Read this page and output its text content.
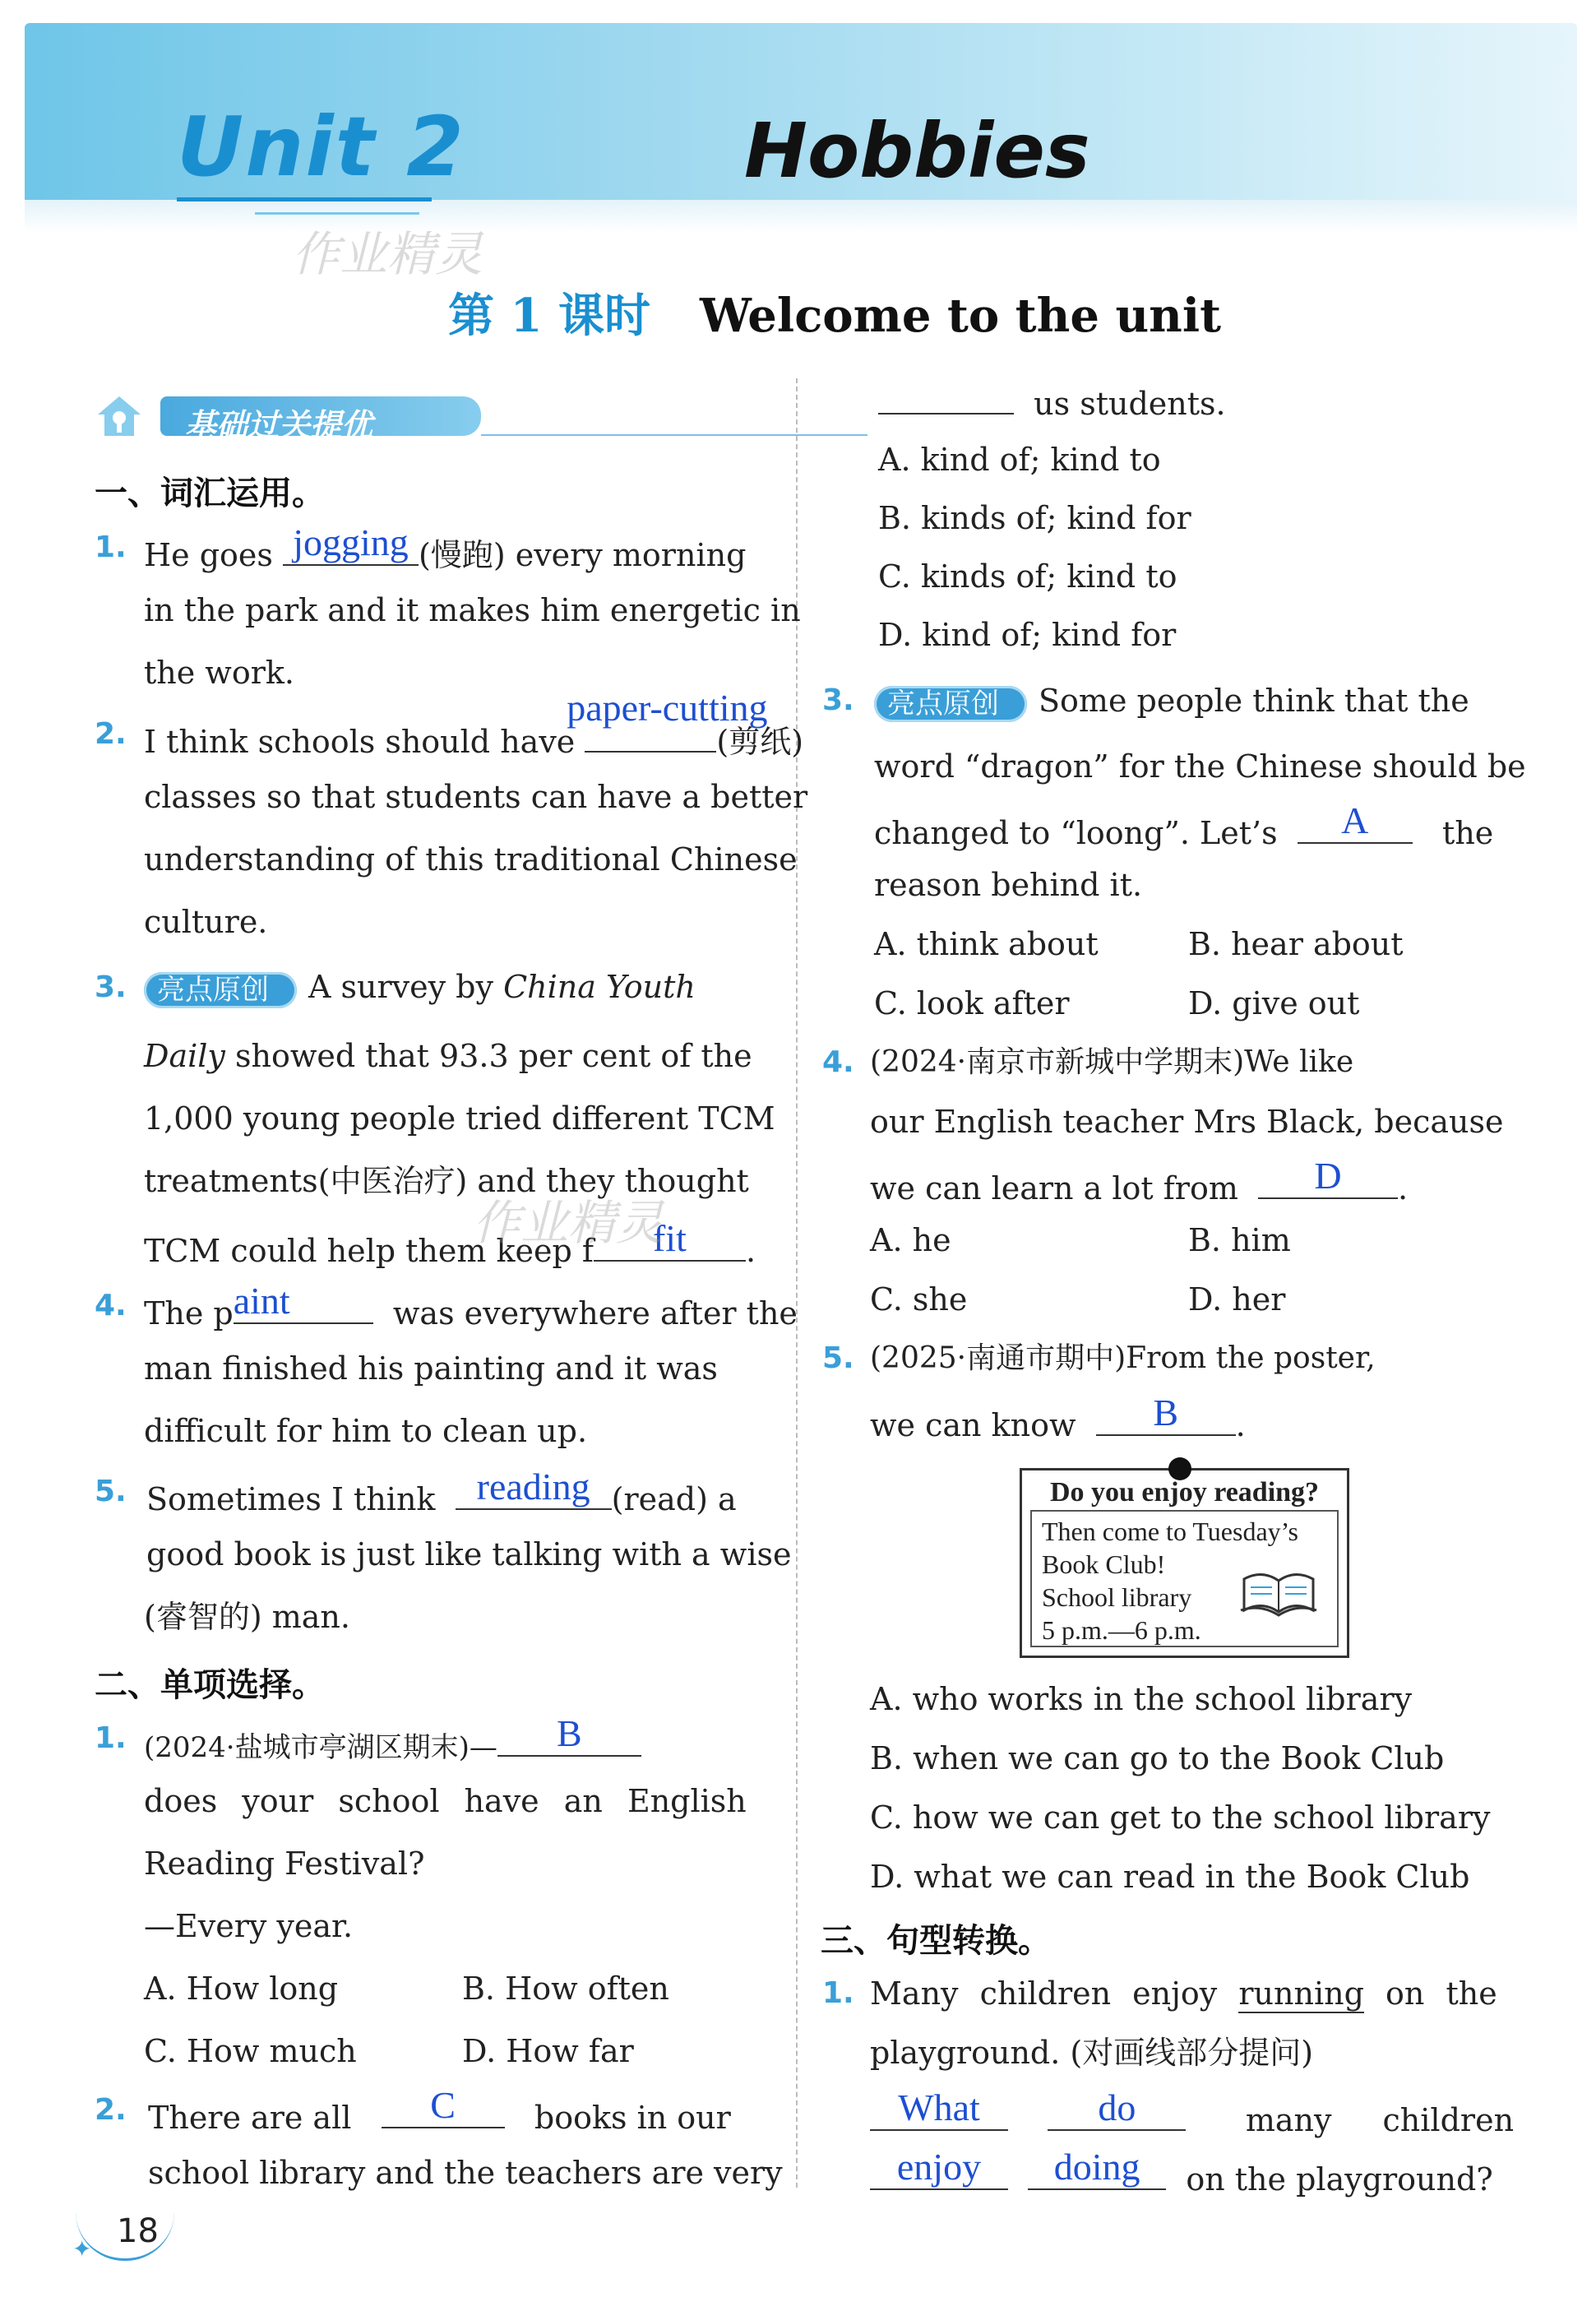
Unit 2	Hobbies
作业精灵
第 1 课时 Welcome to the unit
基础过关提优
一、词汇运用。
1. He goes jogging (慢跑) every morning
in the park and it makes him energetic in
the work.
2. I think schools should have
paper-cutting
(剪纸)
classes so that students can have a better
understanding of this traditional Chinese
culture.
3.	亮点原创 A survey by China Youth
Daily showed that 93.3 per cent of the
1,000 young people tried different TCM
treatments(中医治疗) and they thought
TCM could help them keep f	fit	.
作业精灵
4. The p aint	was everywhere after the
man finished his painting and it was
difficult for him to clean up.
5. Sometimes I think	reading (read) a
good book is just like talking with a wise
(睿智的) man.
二、单项选择。
1. (2024·盐城市亭湖区期末)—	B
does your school have an English
Reading Festival?
—Every year.
A. How long	B. How often
C. How much	D. How far
2. There are all	C	books in our
school library and the teachers are very
✦ 18
us students.
A. kind of; kind to
B. kinds of; kind for
C. kinds of; kind to
D. kind of; kind for
3.	亮点原创 Some people think that the
word “dragon” for the Chinese should be
changed to “loong”. Let’s	A	the
reason behind it.
A. think about	B. hear about
C. look after	D. give out
4. (2024·南京市新城中学期末)We like
our English teacher Mrs Black, because
we can learn a lot from	D	.
A. he	B. him
C. she	D. her
5. (2025·南通市期中)From the poster,
we can know	B	.
Do you enjoy reading?
Then come to Tuesday’s
Book Club!
School library
5 p.m.—6 p.m.
A. who works in the school library
B. when we can go to the Book Club
C. how we can get to the school library
D. what we can read in the Book Club
三、句型转换。
1. Many children enjoy running on the
playground. (对画线部分提问)
What
	do	many children
enjoy
	doing	on the playground?
